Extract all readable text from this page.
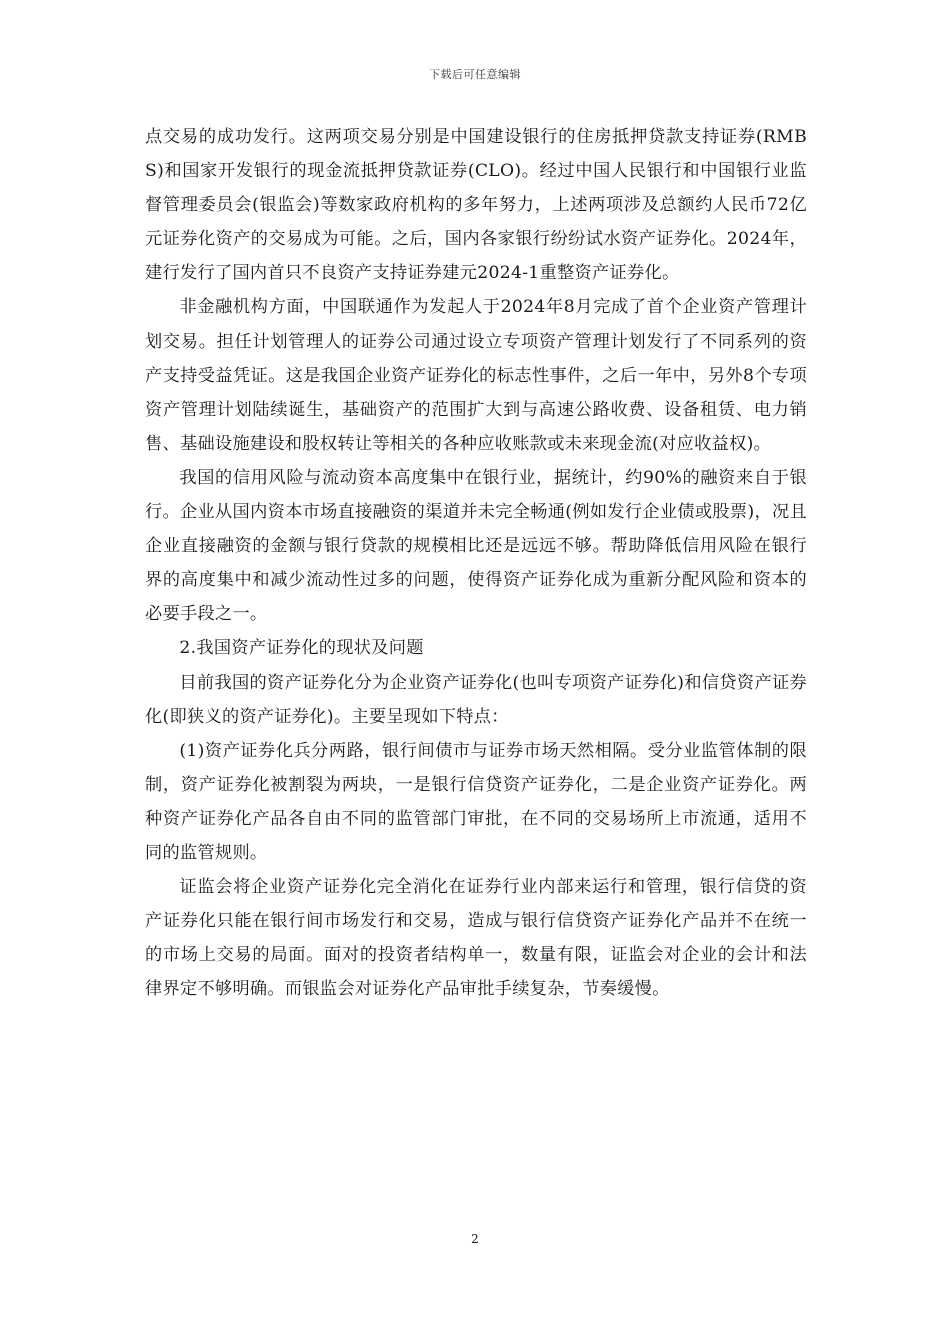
下载后可任意编辑

点交易的成功发行。这两项交易分别是中国建设银行的住房抵押贷款支持证券(RMBS)和国家开发银行的现金流抵押贷款证券(CLO)。经过中国人民银行和中国银行业监督管理委员会(银监会)等数家政府机构的多年努力，上述两项涉及总额约人民币72亿元证券化资产的交易成为可能。之后，国内各家银行纷纷试水资产证券化。2024年，建行发行了国内首只不良资产支持证券建元2024-1重整资产证券化。

非金融机构方面，中国联通作为发起人于2024年8月完成了首个企业资产管理计划交易。担任计划管理人的证券公司通过设立专项资产管理计划发行了不同系列的资产支持受益凭证。这是我国企业资产证券化的标志性事件，之后一年中，另外8个专项资产管理计划陆续诞生，基础资产的范围扩大到与高速公路收费、设备租赁、电力销售、基础设施建设和股权转让等相关的各种应收账款或未来现金流(对应收益权)。

我国的信用风险与流动资本高度集中在银行业，据统计，约90%的融资来自于银行。企业从国内资本市场直接融资的渠道并未完全畅通(例如发行企业债或股票)，况且企业直接融资的金额与银行贷款的规模相比还是远远不够。帮助降低信用风险在银行界的高度集中和减少流动性过多的问题，使得资产证券化成为重新分配风险和资本的必要手段之一。

2.我国资产证券化的现状及问题

目前我国的资产证券化分为企业资产证券化(也叫专项资产证券化)和信贷资产证券化(即狭义的资产证券化)。主要呈现如下特点：

(1)资产证券化兵分两路，银行间债市与证券市场天然相隔。受分业监管体制的限制，资产证券化被割裂为两块，一是银行信贷资产证券化，二是企业资产证券化。两种资产证券化产品各自由不同的监管部门审批，在不同的交易场所上市流通，适用不同的监管规则。

证监会将企业资产证券化完全消化在证券行业内部来运行和管理，银行信贷的资产证券化只能在银行间市场发行和交易，造成与银行信贷资产证券化产品并不在统一的市场上交易的局面。面对的投资者结构单一，数量有限，证监会对企业的会计和法律界定不够明确。而银监会对证券化产品审批手续复杂，节奏缓慢。

2
